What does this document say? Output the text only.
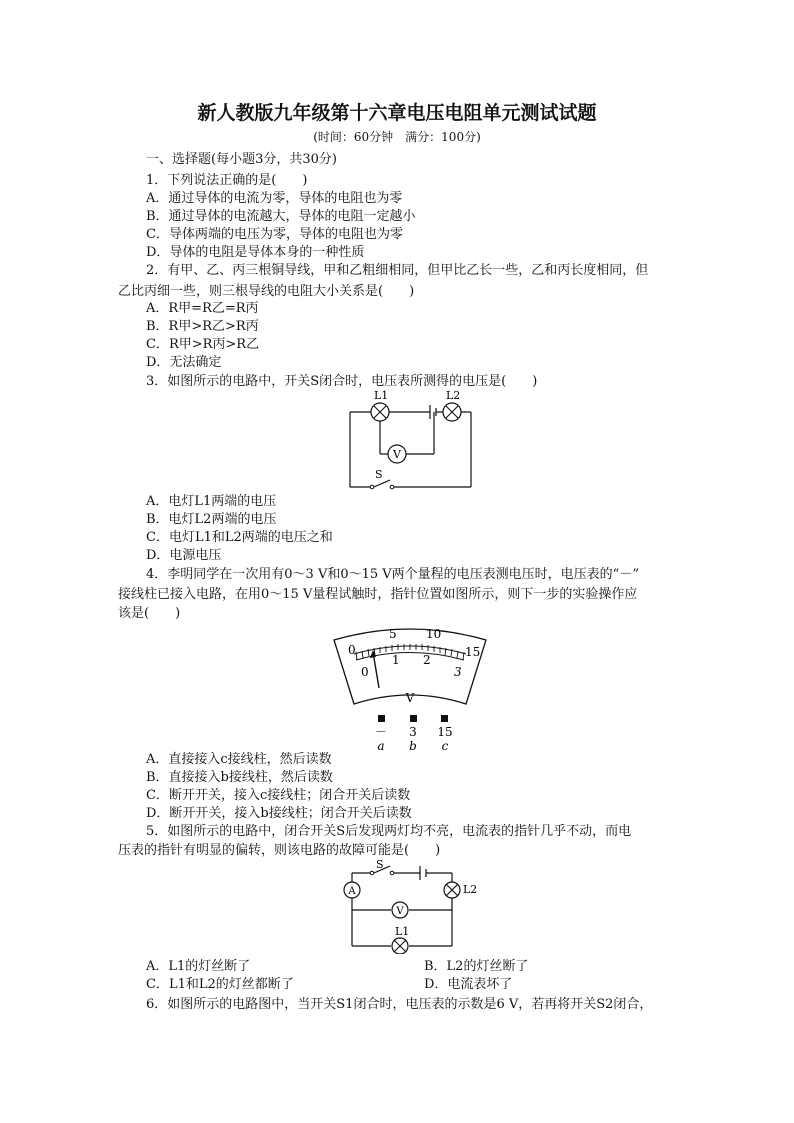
新人教版九年级第十六章电压电阻单元测试试题
(时间：60分钟　满分：100分)
一、选择题(每小题3分，共30分)
1．下列说法正确的是(　　)
A．通过导体的电流为零，导体的电阻也为零
B．通过导体的电流越大，导体的电阻一定越小
C．导体两端的电压为零，导体的电阻也为零
D．导体的电阻是导体本身的一种性质
2．有甲、乙、丙三根铜导线，甲和乙粗细相同，但甲比乙长一些，乙和丙长度相同，但
乙比丙细一些，则三根导线的电阻大小关系是(　　)
A．R甲=R乙=R丙
B．R甲>R乙>R丙
C．R甲>R丙>R乙
D．无法确定
3．如图所示的电路中，开关S闭合时，电压表所测得的电压是(　　)
V
L1	L2
S
A．电灯L1两端的电压
B．电灯L2两端的电压
C．电灯L1和L2两端的电压之和
D．电源电压
4．李明同学在一次用有0～3 V和0～15 V两个量程的电压表测电压时，电压表的“－”
接线柱已接入电路，在用0～15 V量程试触时，指针位置如图所示，则下一步的实验操作应
该是(　　)
0
5 10
15
0
1 2
3
V
－ 3 15
a b c
A．直接接入c接线柱，然后读数
B．直接接入b接线柱，然后读数
C．断开开关，接入c接线柱；闭合开关后读数
D．断开开关，接入b接线柱；闭合开关后读数
5．如图所示的电路中，闭合开关S后发现两灯均不亮，电流表的指针几乎不动，而电
压表的指针有明显的偏转，则该电路的故障可能是(　　)
A
V
S
L2
L1
A．L1的灯丝断了	B．L2的灯丝断了
C．L1和L2的灯丝都断了	D．电流表坏了
6．如图所示的电路图中，当开关S1闭合时，电压表的示数是6 V，若再将开关S2闭合，
